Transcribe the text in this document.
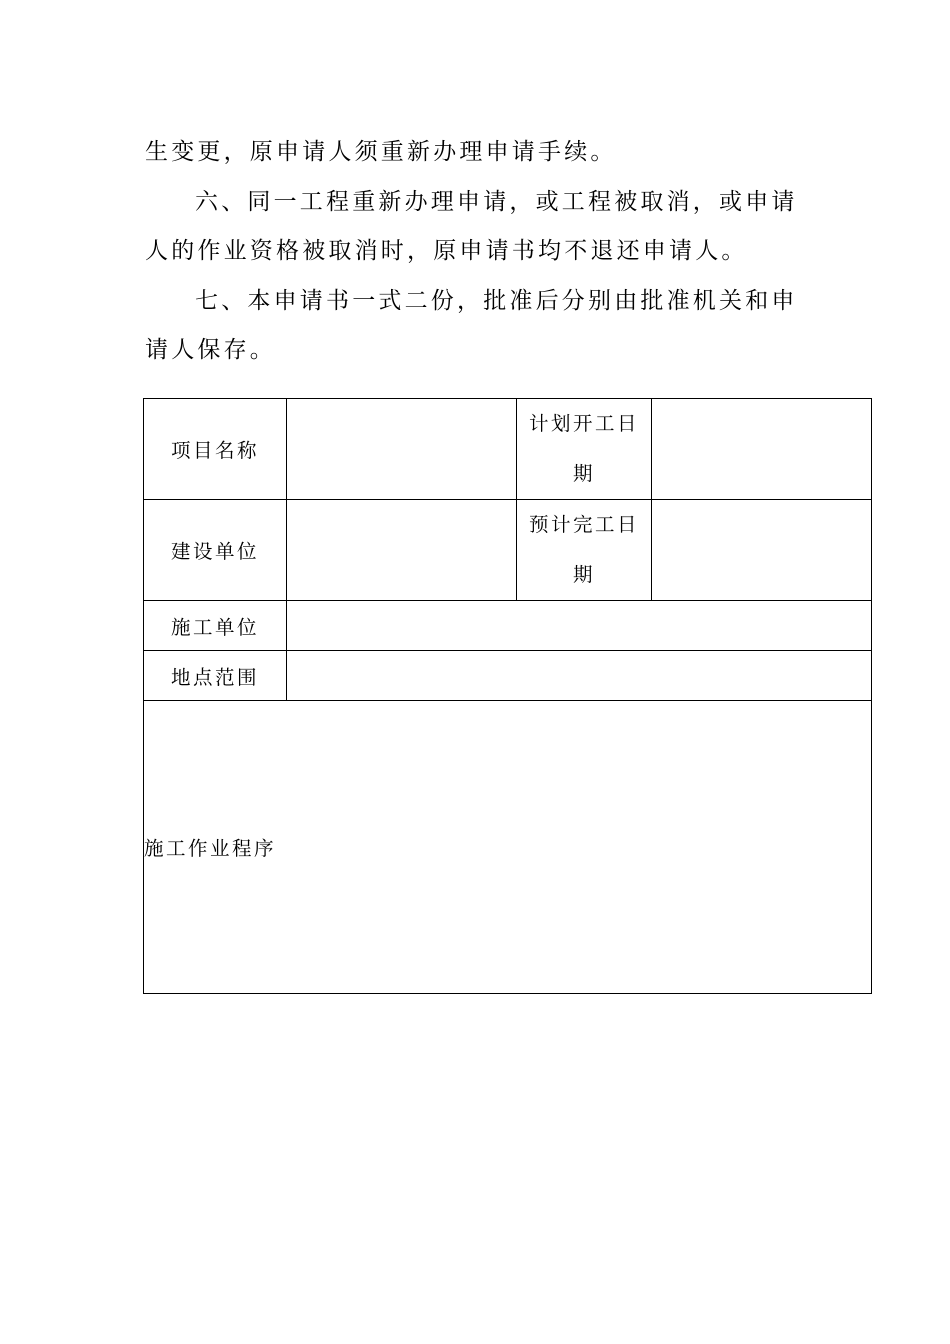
生变更，原申请人须重新办理申请手续。

六、同一工程重新办理申请，或工程被取消，或申请

人的作业资格被取消时，原申请书均不退还申请人。

七、本申请书一式二份，批准后分别由批准机关和申

请人保存。

项目名称		计划开工日
期	

建设单位		预计完工日
期	

施工单位			
地点范围			

施工作业程序			
